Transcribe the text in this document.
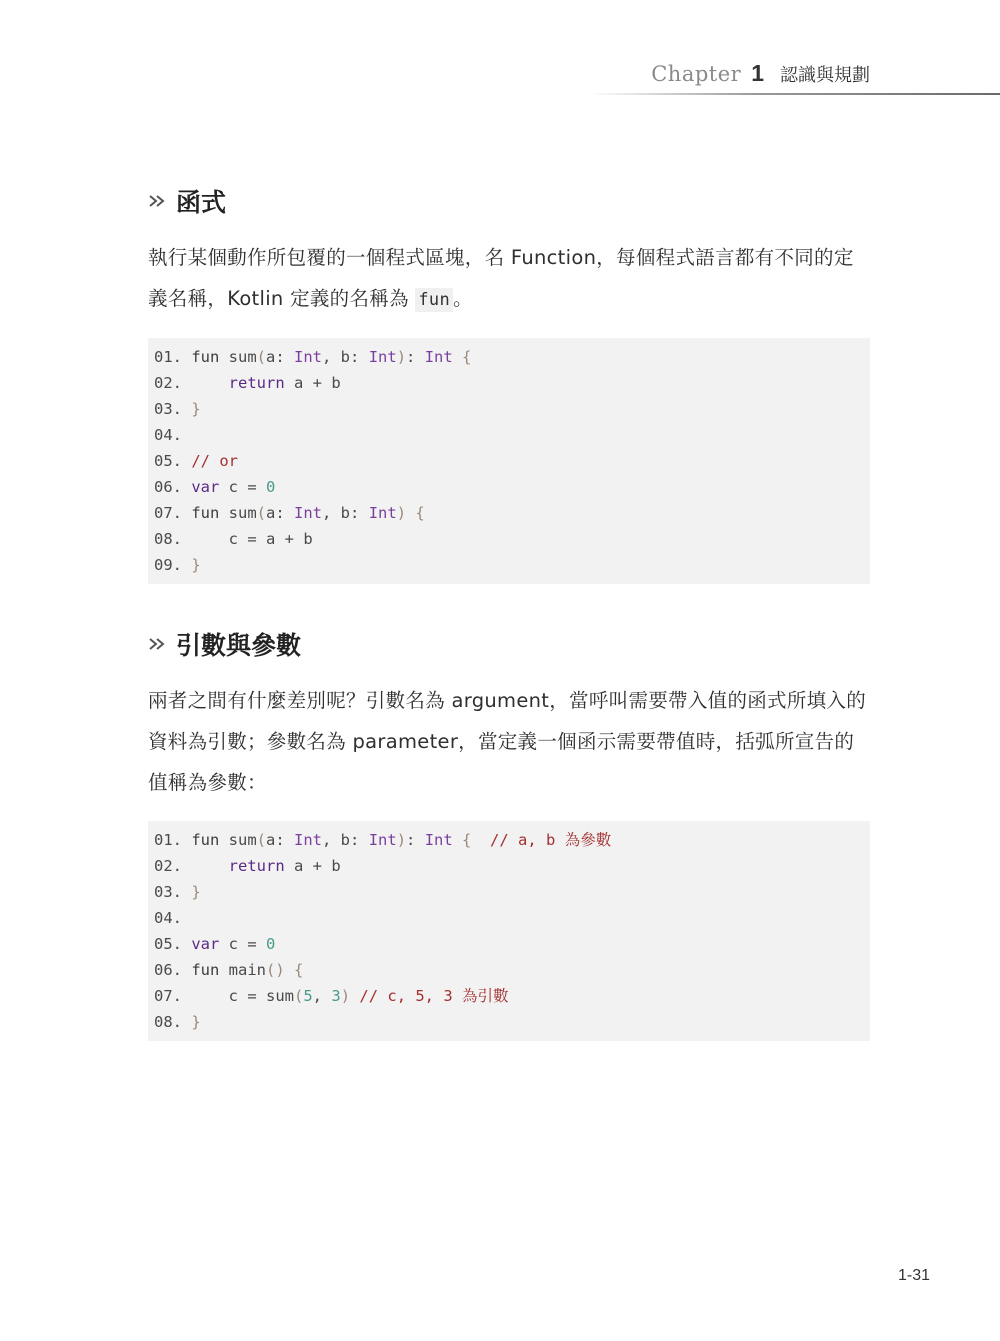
Chapter 1 認識與規劃
函式

執行某個動作所包覆的一個程式區塊，名 Function，每個程式語言都有不同的定義名稱，Kotlin 定義的名稱為 fun 。

01. fun sum(a: Int, b: Int): Int {
02.	return a + b
03. }
04.
05. // or
06. var c = 0
07. fun sum(a: Int, b: Int) {
08.     c = a + b
09. }
引數與參數

兩者之間有什麼差別呢？引數名為 argument，當呼叫需要帶入值的函式所填入的資料為引數；參數名為 parameter，當定義一個函示需要帶值時，括弧所宣告的值稱為參數：

01. fun sum(a: Int, b: Int): Int {  // a, b 為參數
02.	return a + b
03. }
04.
05. var c = 0
06. fun main() {
07.     c = sum(5, 3) // c, 5, 3 為引數
08. }
1-31
